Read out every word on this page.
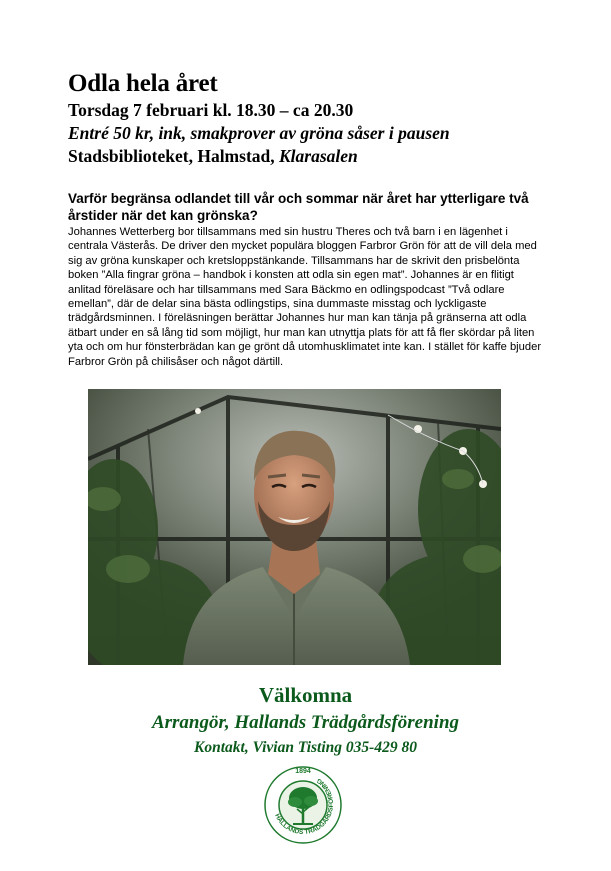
Odla hela året
Torsdag 7 februari kl. 18.30 – ca 20.30
Entré 50 kr, ink, smakprover av gröna såser i pausen
Stadsbiblioteket, Halmstad, Klarasalen
Varför begränsa odlandet till vår och sommar när året har ytterligare två årstider när det kan grönska?
Johannes Wetterberg bor tillsammans med sin hustru Theres och två barn i en lägenhet i centrala Västerås. De driver den mycket populära bloggen Farbror Grön för att de vill dela med sig av gröna kunskaper och kretsloppstänkande. Tillsammans har de skrivit den prisbelönta boken ”Alla fingrar gröna – handbok i konsten att odla sin egen mat”. Johannes är en flitigt anlitad föreläsare och har tillsammans med Sara Bäckmo en odlingspodcast ”Två odlare emellan”, där de delar sina bästa odlingstips, sina dummaste misstag och lyckligaste trädgårdsminnen. I föreläsningen berättar Johannes hur man kan tänja på gränserna att odla ätbart under en så lång tid som möjligt, hur man kan utnyttja plats för att få fler skördar på liten yta och om hur fönsterbrädan kan ge grönt då utomhusklimatet inte kan. I stället för kaffe bjuder Farbror Grön på chilisåser och något därtill.
Välkomna
Arrangör, Hallands Trädgårdsförening
Kontakt, Vivian Tisting 035-429 80
HALLANDS TRÄDGÅRDSFÖRENING
1894
